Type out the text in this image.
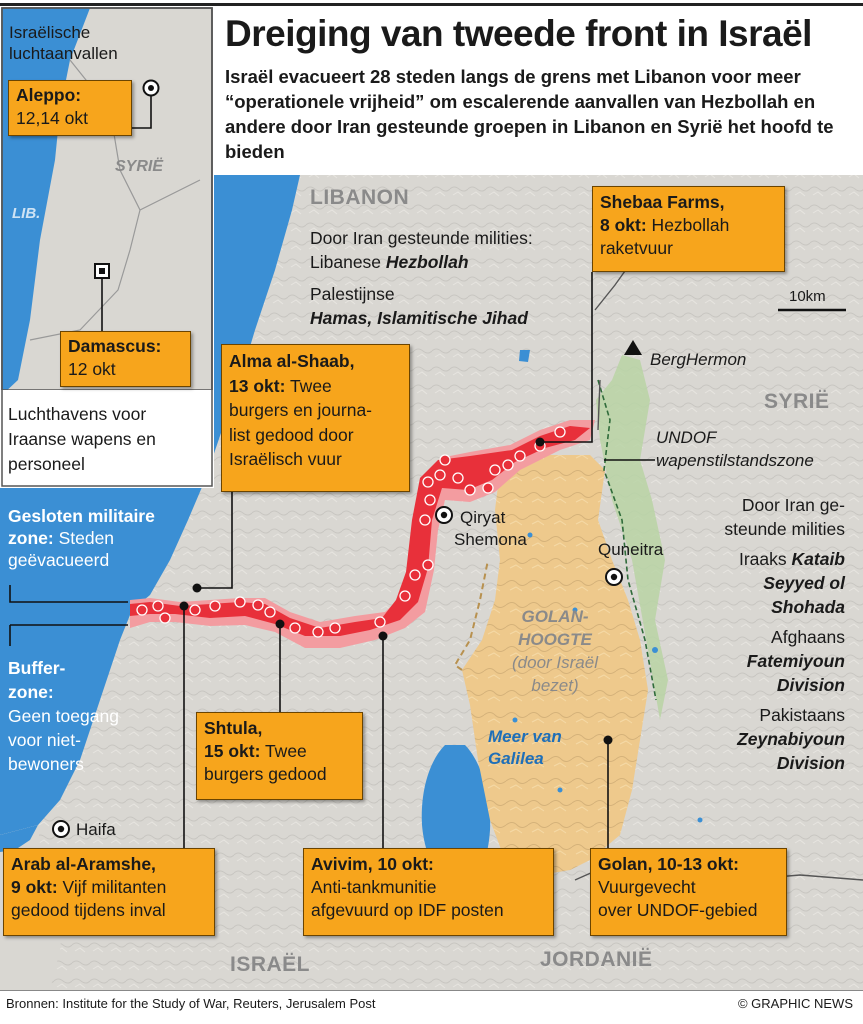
Dreiging van tweede front in Israël
Israël evacueert 28 steden langs de grens met Libanon voor meer “operationele vrijheid” om escalerende aanvallen van Hezbollah en andere door Iran gesteunde groepen in Libanon en Syrië het hoofd te bieden
Israëlische
luchtaanvallen
Aleppo:
12,14 okt
SYRIË
LIB.
Damascus:
12 okt
Luchthavens voor
Iraanse wapens en
personeel
Gesloten militaire
zone: Steden
geëvacueerd
Buffer-
zone:
Geen toegang
voor niet-
bewoners
LIBANON
SYRIË
ISRAËL	JORDANIË
Door Iran gesteunde milities:
Libanese Hezbollah
Palestijnse
Hamas, Islamitische Jihad
BergHermon
UNDOF
wapenstilstandszone
Qiryat
Shemona
Quneitra
Haifa
GOLAN-
HOOGTE
(door Israël
bezet)
Meer van
Galilea
10km
Door Iran ge-
steunde milities
Iraaks Kataib
Seyyed ol
Shohada
Afghaans
Fatemiyoun
Division
Pakistaans
Zeynabiyoun
Division
Shebaa Farms,
8 okt: Hezbollah
raketvuur
Alma al-Shaab,
13 okt: Twee
burgers en journa-
list gedood door
Israëlisch vuur
Shtula,
15 okt: Twee
burgers gedood
Arab al-Aramshe,
9 okt: Vijf militanten
gedood tijdens inval
Avivim, 10 okt:
Anti-tankmunitie
afgevuurd op IDF posten
Golan, 10-13 okt:
Vuurgevecht
over UNDOF-gebied
Bronnen: Institute for the Study of War, Reuters, Jerusalem Post	© GRAPHIC NEWS
